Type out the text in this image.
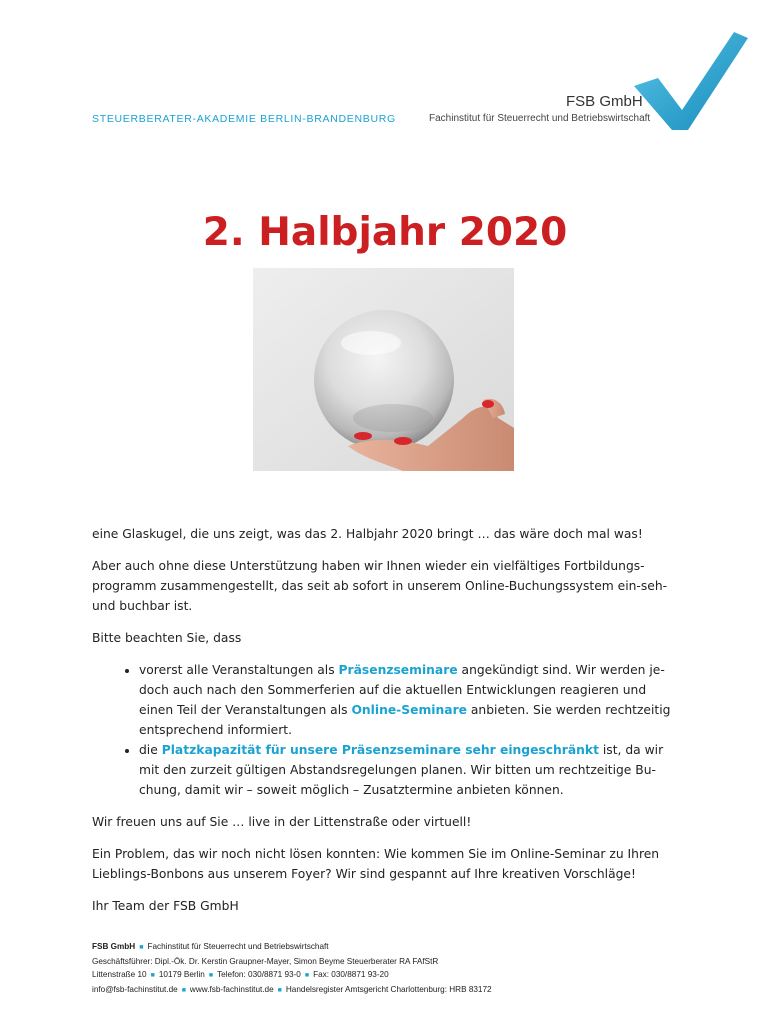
STEUERBERATER-AKADEMIE BERLIN-BRANDENBURG
FSB GmbH
Fachinstitut für Steuerrecht und Betriebswirtschaft
2. Halbjahr 2020

eine Glaskugel, die uns zeigt, was das 2. Halbjahr 2020 bringt … das wäre doch mal was!

Aber auch ohne diese Unterstützung haben wir Ihnen wieder ein vielfältiges Fortbildungs-programm zusammengestellt, das seit ab sofort in unserem Online-Buchungssystem ein-seh- und buchbar ist.

Bitte beachten Sie, dass

• vorerst alle Veranstaltungen als Präsenzseminare angekündigt sind. Wir werden je-doch auch nach den Sommerferien auf die aktuellen Entwicklungen reagieren und einen Teil der Veranstaltungen als Online-Seminare anbieten. Sie werden rechtzeitig entsprechend informiert.
• die Platzkapazität für unsere Präsenzseminare sehr eingeschränkt ist, da wir mit den zurzeit gültigen Abstandsregelungen planen. Wir bitten um rechtzeitige Bu-chung, damit wir – soweit möglich – Zusatztermine anbieten können.

Wir freuen uns auf Sie … live in der Littenstraße oder virtuell!

Ein Problem, das wir noch nicht lösen konnten: Wie kommen Sie im Online-Seminar zu Ihren Lieblings-Bonbons aus unserem Foyer? Wir sind gespannt auf Ihre kreativen Vorschläge!

Ihr Team der FSB GmbH

FSB GmbH ■ Fachinstitut für Steuerrecht und Betriebswirtschaft
Geschäftsführer: Dipl.-Ök. Dr. Kerstin Graupner-Mayer, Simon Beyme Steuerberater RA FAfStR
Littenstraße 10 ■ 10179 Berlin ■ Telefon: 030/8871 93-0 ■ Fax: 030/8871 93-20
info@fsb-fachinstitut.de ■ www.fsb-fachinstitut.de ■ Handelsregister Amtsgericht Charlottenburg: HRB 83172
